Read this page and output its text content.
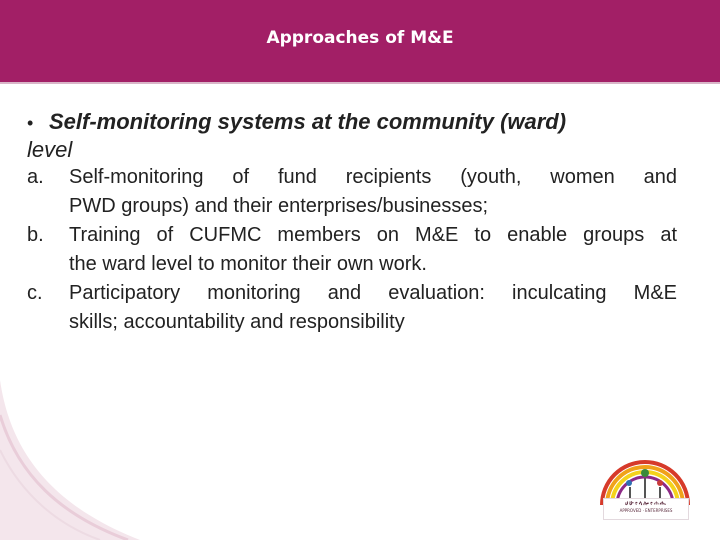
Approaches of M&E
• Self-monitoring systems at the community (ward)
level
a. Self-monitoring of fund recipients (youth, women and
PWD groups) and their enterprises/businesses;
b. Training of CUFMC members on M&E to enable groups at
the ward level to monitor their own work.
c. Participatory monitoring and evaluation: inculcating M&E
skills; accountability and responsibility
ሀሁ፥ላሎ፥ሐሑ
APPROVED · ENTERPRISES
